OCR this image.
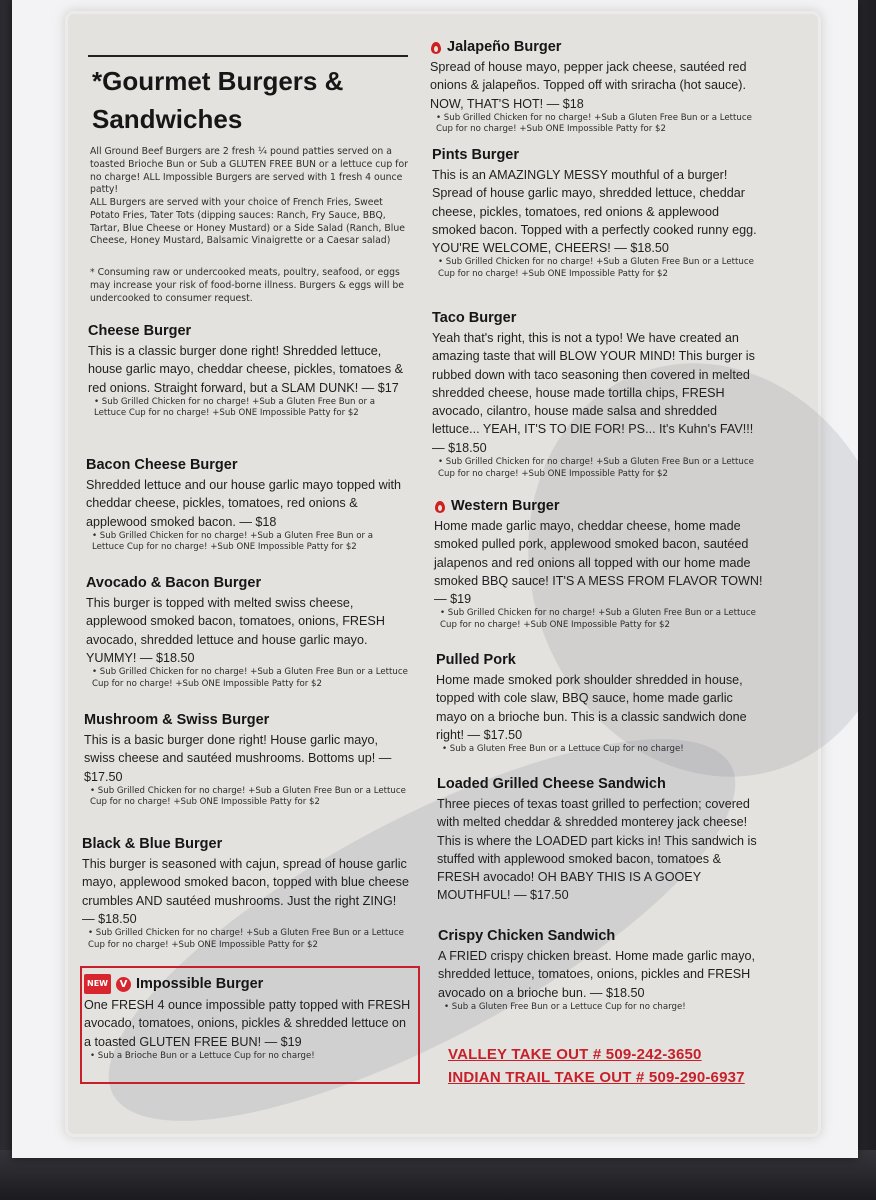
*Gourmet Burgers & Sandwiches
All Ground Beef Burgers are 2 fresh ¼ pound patties served on a toasted Brioche Bun or Sub a GLUTEN FREE BUN or a lettuce cup for no charge! ALL Impossible Burgers are served with 1 fresh 4 ounce patty!
ALL Burgers are served with your choice of French Fries, Sweet Potato Fries, Tater Tots (dipping sauces: Ranch, Fry Sauce, BBQ, Tartar, Blue Cheese or Honey Mustard) or a Side Salad (Ranch, Blue Cheese, Honey Mustard, Balsamic Vinaigrette or a Caesar salad)
* Consuming raw or undercooked meats, poultry, seafood, or eggs may increase your risk of food-borne illness. Burgers & eggs will be undercooked to consumer request.
Cheese Burger
This is a classic burger done right! Shredded lettuce, house garlic mayo, cheddar cheese, pickles, tomatoes & red onions. Straight forward, but a SLAM DUNK! — $17
• Sub Grilled Chicken for no charge! +Sub a Gluten Free Bun or a Lettuce Cup for no charge! +Sub ONE Impossible Patty for $2
Bacon Cheese Burger
Shredded lettuce and our house garlic mayo topped with cheddar cheese, pickles, tomatoes, red onions & applewood smoked bacon. — $18
• Sub Grilled Chicken for no charge! +Sub a Gluten Free Bun or a Lettuce Cup for no charge! +Sub ONE Impossible Patty for $2
Avocado & Bacon Burger
This burger is topped with melted swiss cheese, applewood smoked bacon, tomatoes, onions, FRESH avocado, shredded lettuce and house garlic mayo. YUMMY! — $18.50
• Sub Grilled Chicken for no charge! +Sub a Gluten Free Bun or a Lettuce Cup for no charge! +Sub ONE Impossible Patty for $2
Mushroom & Swiss Burger
This is a basic burger done right! House garlic mayo, swiss cheese and sautéed mushrooms. Bottoms up! — $17.50
• Sub Grilled Chicken for no charge! +Sub a Gluten Free Bun or a Lettuce Cup for no charge! +Sub ONE Impossible Patty for $2
Black & Blue Burger
This burger is seasoned with cajun, spread of house garlic mayo, applewood smoked bacon, topped with blue cheese crumbles AND sautéed mushrooms. Just the right ZING! — $18.50
• Sub Grilled Chicken for no charge! +Sub a Gluten Free Bun or a Lettuce Cup for no charge! +Sub ONE Impossible Patty for $2
NEW	V Impossible Burger
One FRESH 4 ounce impossible patty topped with FRESH avocado, tomatoes, onions, pickles & shredded lettuce on a toasted GLUTEN FREE BUN! — $19
• Sub a Brioche Bun or a Lettuce Cup for no charge!
Jalapeño Burger
Spread of house mayo, pepper jack cheese, sautéed red onions & jalapeños. Topped off with sriracha (hot sauce). NOW, THAT'S HOT! — $18
• Sub Grilled Chicken for no charge! +Sub a Gluten Free Bun or a Lettuce Cup for no charge! +Sub ONE Impossible Patty for $2
Pints Burger
This is an AMAZINGLY MESSY mouthful of a burger! Spread of house garlic mayo, shredded lettuce, cheddar cheese, pickles, tomatoes, red onions & applewood smoked bacon. Topped with a perfectly cooked runny egg. YOU'RE WELCOME, CHEERS! — $18.50
• Sub Grilled Chicken for no charge! +Sub a Gluten Free Bun or a Lettuce Cup for no charge! +Sub ONE Impossible Patty for $2
Taco Burger
Yeah that's right, this is not a typo! We have created an amazing taste that will BLOW YOUR MIND! This burger is rubbed down with taco seasoning then covered in melted shredded cheese, house made tortilla chips, FRESH avocado, cilantro, house made salsa and shredded lettuce... YEAH, IT'S TO DIE FOR! PS... It's Kuhn's FAV!!! — $18.50
• Sub Grilled Chicken for no charge! +Sub a Gluten Free Bun or a Lettuce Cup for no charge! +Sub ONE Impossible Patty for $2
Western Burger
Home made garlic mayo, cheddar cheese, home made smoked pulled pork, applewood smoked bacon, sautéed jalapenos and red onions all topped with our home made smoked BBQ sauce! IT'S A MESS FROM FLAVOR TOWN! — $19
• Sub Grilled Chicken for no charge! +Sub a Gluten Free Bun or a Lettuce Cup for no charge! +Sub ONE Impossible Patty for $2
Pulled Pork
Home made smoked pork shoulder shredded in house, topped with cole slaw, BBQ sauce, home made garlic mayo on a brioche bun. This is a classic sandwich done right! — $17.50
• Sub a Gluten Free Bun or a Lettuce Cup for no charge!
Loaded Grilled Cheese Sandwich
Three pieces of texas toast grilled to perfection; covered with melted cheddar & shredded monterey jack cheese! This is where the LOADED part kicks in! This sandwich is stuffed with applewood smoked bacon, tomatoes & FRESH avocado! OH BABY THIS IS A GOOEY MOUTHFUL! — $17.50
Crispy Chicken Sandwich
A FRIED crispy chicken breast. Home made garlic mayo, shredded lettuce, tomatoes, onions, pickles and FRESH avocado on a brioche bun. — $18.50
• Sub a Gluten Free Bun or a Lettuce Cup for no charge!
VALLEY TAKE OUT # 509-242-3650
INDIAN TRAIL TAKE OUT # 509-290-6937
